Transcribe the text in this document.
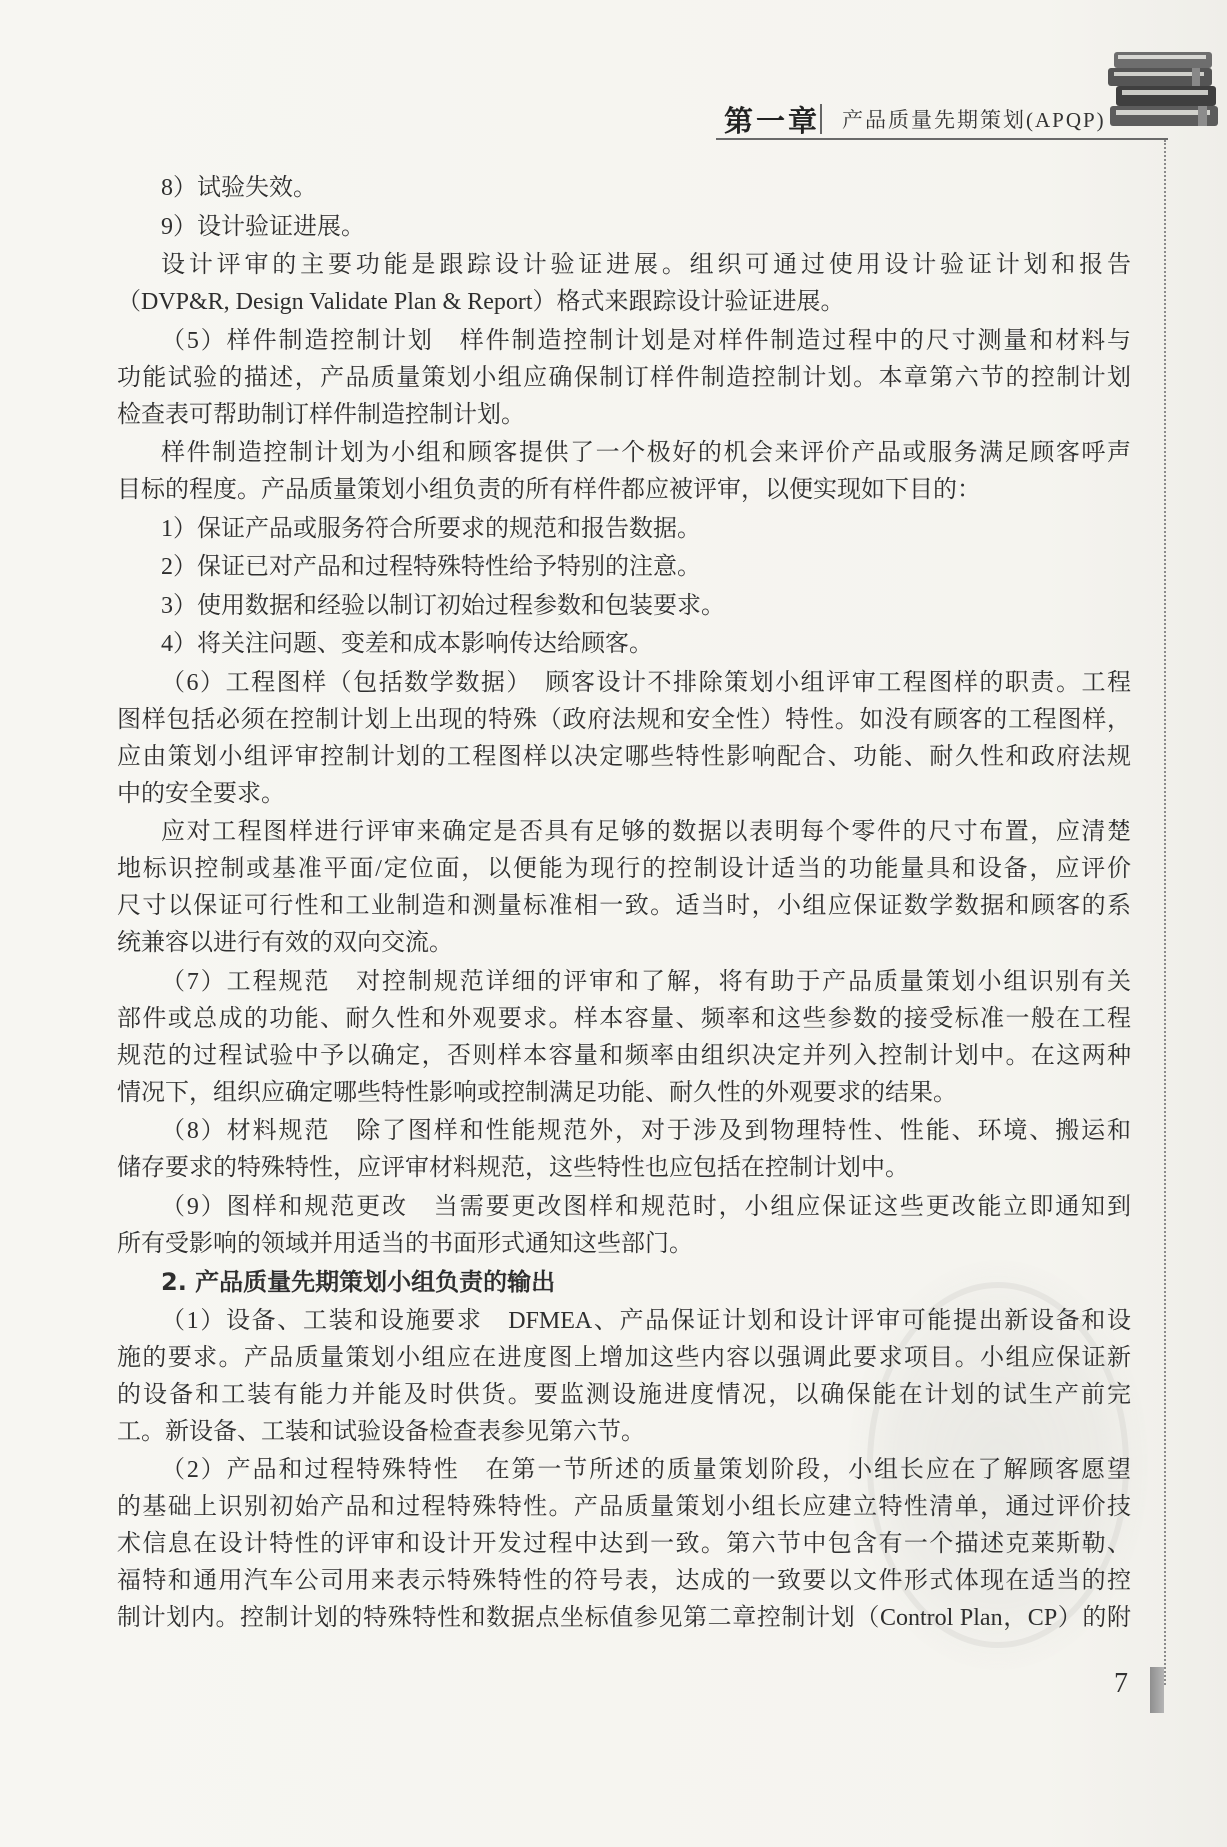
第一章 产品质量先期策划(APQP)
8）试验失效。
9）设计验证进展。
设计评审的主要功能是跟踪设计验证进展。组织可通过使用设计验证计划和报告
（DVP&R, Design Validate Plan & Report）格式来跟踪设计验证进展。
（5）样件制造控制计划　样件制造控制计划是对样件制造过程中的尺寸测量和材料与
功能试验的描述，产品质量策划小组应确保制订样件制造控制计划。本章第六节的控制计划
检查表可帮助制订样件制造控制计划。
样件制造控制计划为小组和顾客提供了一个极好的机会来评价产品或服务满足顾客呼声
目标的程度。产品质量策划小组负责的所有样件都应被评审，以便实现如下目的：
1）保证产品或服务符合所要求的规范和报告数据。
2）保证已对产品和过程特殊特性给予特别的注意。
3）使用数据和经验以制订初始过程参数和包装要求。
4）将关注问题、变差和成本影响传达给顾客。
（6）工程图样（包括数学数据）　顾客设计不排除策划小组评审工程图样的职责。工程
图样包括必须在控制计划上出现的特殊（政府法规和安全性）特性。如没有顾客的工程图样，
应由策划小组评审控制计划的工程图样以决定哪些特性影响配合、功能、耐久性和政府法规
中的安全要求。
应对工程图样进行评审来确定是否具有足够的数据以表明每个零件的尺寸布置，应清楚
地标识控制或基准平面/定位面，以便能为现行的控制设计适当的功能量具和设备，应评价
尺寸以保证可行性和工业制造和测量标准相一致。适当时，小组应保证数学数据和顾客的系
统兼容以进行有效的双向交流。
（7）工程规范　对控制规范详细的评审和了解，将有助于产品质量策划小组识别有关
部件或总成的功能、耐久性和外观要求。样本容量、频率和这些参数的接受标准一般在工程
规范的过程试验中予以确定，否则样本容量和频率由组织决定并列入控制计划中。在这两种
情况下，组织应确定哪些特性影响或控制满足功能、耐久性的外观要求的结果。
（8）材料规范　除了图样和性能规范外，对于涉及到物理特性、性能、环境、搬运和
储存要求的特殊特性，应评审材料规范，这些特性也应包括在控制计划中。
（9）图样和规范更改　当需要更改图样和规范时，小组应保证这些更改能立即通知到
所有受影响的领域并用适当的书面形式通知这些部门。
2. 产品质量先期策划小组负责的输出
（1）设备、工装和设施要求　DFMEA、产品保证计划和设计评审可能提出新设备和设
施的要求。产品质量策划小组应在进度图上增加这些内容以强调此要求项目。小组应保证新
的设备和工装有能力并能及时供货。要监测设施进度情况，以确保能在计划的试生产前完
工。新设备、工装和试验设备检查表参见第六节。
（2）产品和过程特殊特性　在第一节所述的质量策划阶段，小组长应在了解顾客愿望
的基础上识别初始产品和过程特殊特性。产品质量策划小组长应建立特性清单，通过评价技
术信息在设计特性的评审和设计开发过程中达到一致。第六节中包含有一个描述克莱斯勒、
福特和通用汽车公司用来表示特殊特性的符号表，达成的一致要以文件形式体现在适当的控
制计划内。控制计划的特殊特性和数据点坐标值参见第二章控制计划（Control Plan，CP）的附
7
